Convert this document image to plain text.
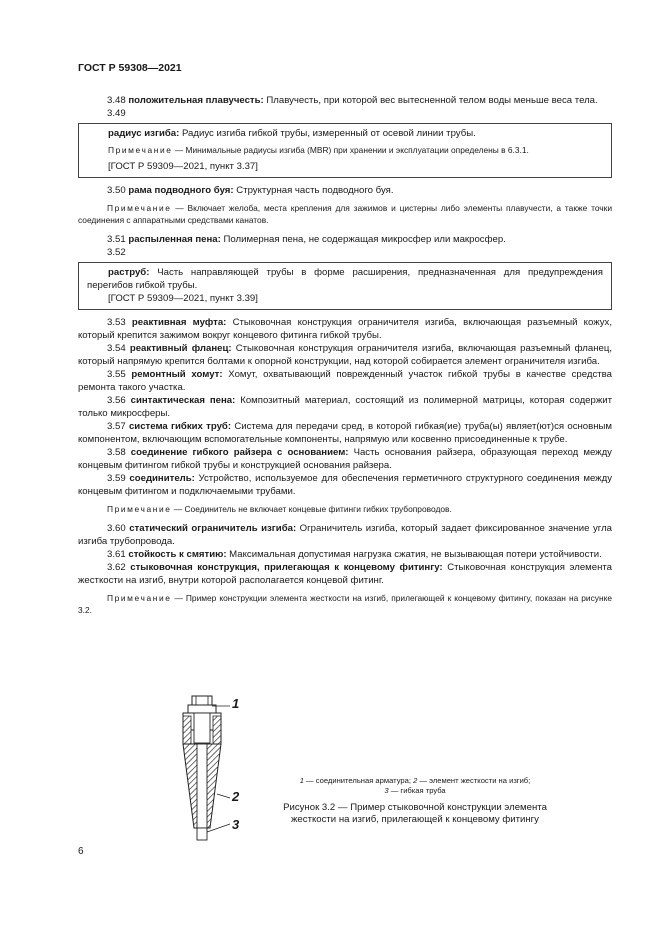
ГОСТ Р 59308—2021

3.48 положительная плавучесть: Плавучесть, при которой вес вытесненной телом воды меньше веса тела.

3.49

радиус изгиба: Радиус изгиба гибкой трубы, измеренный от осевой линии трубы.

Примечание — Минимальные радиусы изгиба (MBR) при хранении и эксплуатации определены в 6.3.1.

[ГОСТ Р 59309—2021, пункт 3.37]

3.50 рама подводного буя: Структурная часть подводного буя.

Примечание — Включает желоба, места крепления для зажимов и цистерны либо элементы плавучести, а также точки соединения с аппаратными средствами канатов.

3.51 распыленная пена: Полимерная пена, не содержащая микросфер или макросфер.

3.52

раструб: Часть направляющей трубы в форме расширения, предназначенная для предупреждения перегибов гибкой трубы.

[ГОСТ Р 59309—2021, пункт 3.39]

3.53 реактивная муфта: Стыковочная конструкция ограничителя изгиба, включающая разъемный кожух, который крепится зажимом вокруг концевого фитинга гибкой трубы.

3.54 реактивный фланец: Стыковочная конструкция ограничителя изгиба, включающая разъемный фланец, который напрямую крепится болтами к опорной конструкции, над которой собирается элемент ограничителя изгиба.

3.55 ремонтный хомут: Хомут, охватывающий поврежденный участок гибкой трубы в качестве средства ремонта такого участка.

3.56 синтактическая пена: Композитный материал, состоящий из полимерной матрицы, которая содержит только микросферы.

3.57 система гибких труб: Система для передачи сред, в которой гибкая(ие) труба(ы) являет(ют)ся основным компонентом, включающим вспомогательные компоненты, напрямую или косвенно присоединенные к трубе.

3.58 соединение гибкого райзера с основанием: Часть основания райзера, образующая переход между концевым фитингом гибкой трубы и конструкцией основания райзера.

3.59 соединитель: Устройство, используемое для обеспечения герметичного структурного соединения между концевым фитингом и подключаемыми трубами.

Примечание — Соединитель не включает концевые фитинги гибких трубопроводов.

3.60 статический ограничитель изгиба: Ограничитель изгиба, который задает фиксированное значение угла изгиба трубопровода.

3.61 стойкость к смятию: Максимальная допустимая нагрузка сжатия, не вызывающая потери устойчивости.

3.62 стыковочная конструкция, прилегающая к концевому фитингу: Стыковочная конструкция элемента жесткости на изгиб, внутри которой располагается концевой фитинг.

Примечание — Пример конструкции элемента жесткости на изгиб, прилегающей к концевому фитингу, показан на рисунке 3.2.

1
2
3
1 — соединительная арматура; 2 — элемент жесткости на изгиб;
3 — гибкая труба
Рисунок 3.2 — Пример стыковочной конструкции элемента жесткости на изгиб, прилегающей к концевому фитингу
6
